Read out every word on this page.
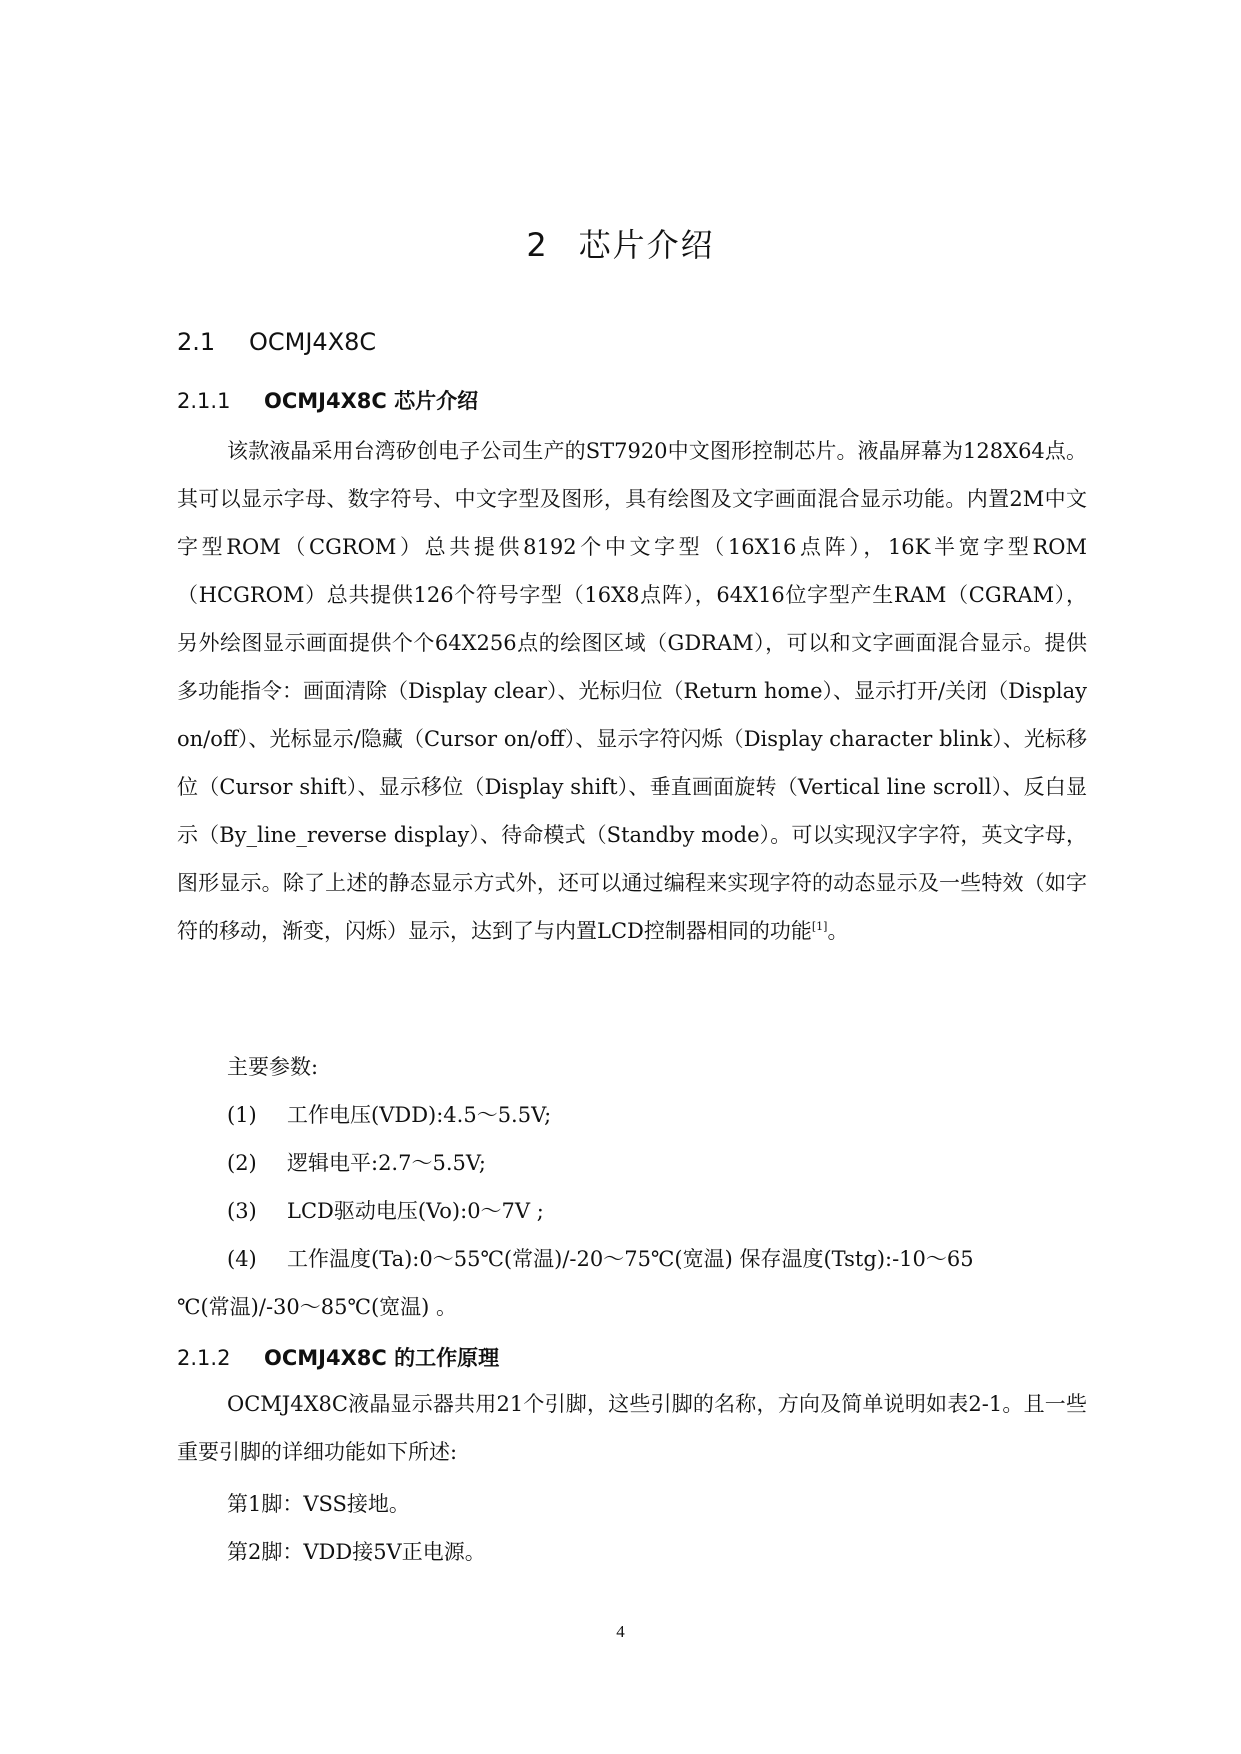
2 芯片介绍
2.1 OCMJ4X8C
2.1.1 OCMJ4X8C 芯片介绍

该款液晶采用台湾矽创电子公司生产的ST7920中文图形控制芯片。液晶屏幕为128X64点。其可以显示字母、数字符号、中文字型及图形，具有绘图及文字画面混合显示功能。内置2M中文字型ROM（CGROM）总共提供8192个中文字型（16X16点阵），16K半宽字型ROM（HCGROM）总共提供126个符号字型（16X8点阵），64X16位字型产生RAM（CGRAM），另外绘图显示画面提供个个64X256点的绘图区域（GDRAM），可以和文字画面混合显示。提供多功能指令：画面清除（Display clear）、光标归位（Return home）、显示打开/关闭（Display on/off）、光标显示/隐藏（Cursor on/off）、显示字符闪烁（Display character blink）、光标移位（Cursor shift）、显示移位（Display shift）、垂直画面旋转（Vertical line scroll）、反白显示（By_line_reverse display）、待命模式（Standby mode）。可以实现汉字字符，英文字母，图形显示。除了上述的静态显示方式外，还可以通过编程来实现字符的动态显示及一些特效（如字符的移动，渐变，闪烁）显示，达到了与内置LCD控制器相同的功能[1]。

主要参数:
(1) 工作电压(VDD):4.5～5.5V;
(2) 逻辑电平:2.7～5.5V;
(3) LCD驱动电压(Vo):0～7V ;
(4) 工作温度(Ta):0～55℃(常温)/-20～75℃(宽温) 保存温度(Tstg):-10～65
℃(常温)/-30～85℃(宽温) 。
2.1.2 OCMJ4X8C 的工作原理

OCMJ4X8C液晶显示器共用21个引脚，这些引脚的名称，方向及简单说明如表2-1。且一些重要引脚的详细功能如下所述:

第1脚：VSS接地。
第2脚：VDD接5V正电源。
4
